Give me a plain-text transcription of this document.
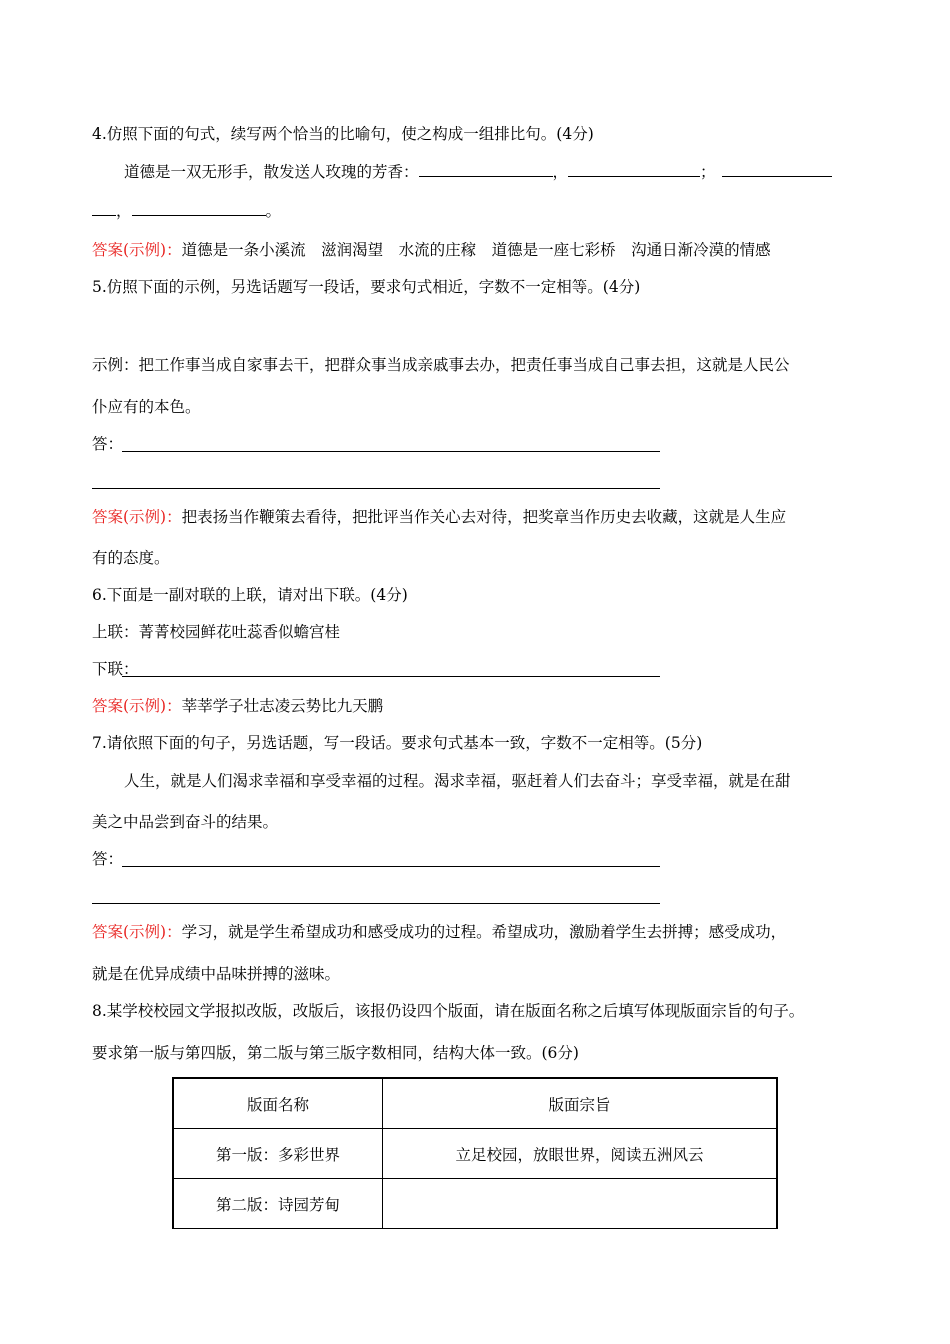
4.仿照下面的句式，续写两个恰当的比喻句，使之构成一组排比句。(4分)
道德是一双无形手，散发送人玫瑰的芳香：	，	；
，	。
答案(示例)：道德是一条小溪流　滋润渴望　水流的庄稼　道德是一座七彩桥　沟通日渐冷漠的情感
5.仿照下面的示例，另选话题写一段话，要求句式相近，字数不一定相等。(4分)
示例：把工作事当成自家事去干，把群众事当成亲戚事去办，把责任事当成自己事去担，这就是人民公
仆应有的本色。
答：
答案(示例)：把表扬当作鞭策去看待，把批评当作关心去对待，把奖章当作历史去收藏，这就是人生应
有的态度。
6.下面是一副对联的上联，请对出下联。(4分)
上联：菁菁校园鲜花吐蕊香似蟾宫桂
下联：
答案(示例)：莘莘学子壮志凌云势比九天鹏
7.请依照下面的句子，另选话题，写一段话。要求句式基本一致，字数不一定相等。(5分)
人生，就是人们渴求幸福和享受幸福的过程。渴求幸福，驱赶着人们去奋斗；享受幸福，就是在甜
美之中品尝到奋斗的结果。
答：
答案(示例)：学习，就是学生希望成功和感受成功的过程。希望成功，激励着学生去拼搏；感受成功，
就是在优异成绩中品味拼搏的滋味。
8.某学校校园文学报拟改版，改版后，该报仍设四个版面，请在版面名称之后填写体现版面宗旨的句子。
要求第一版与第四版，第二版与第三版字数相同，结构大体一致。(6分)
版面名称	版面宗旨
第一版：多彩世界	立足校园，放眼世界，阅读五洲风云
第二版：诗园芳甸	
